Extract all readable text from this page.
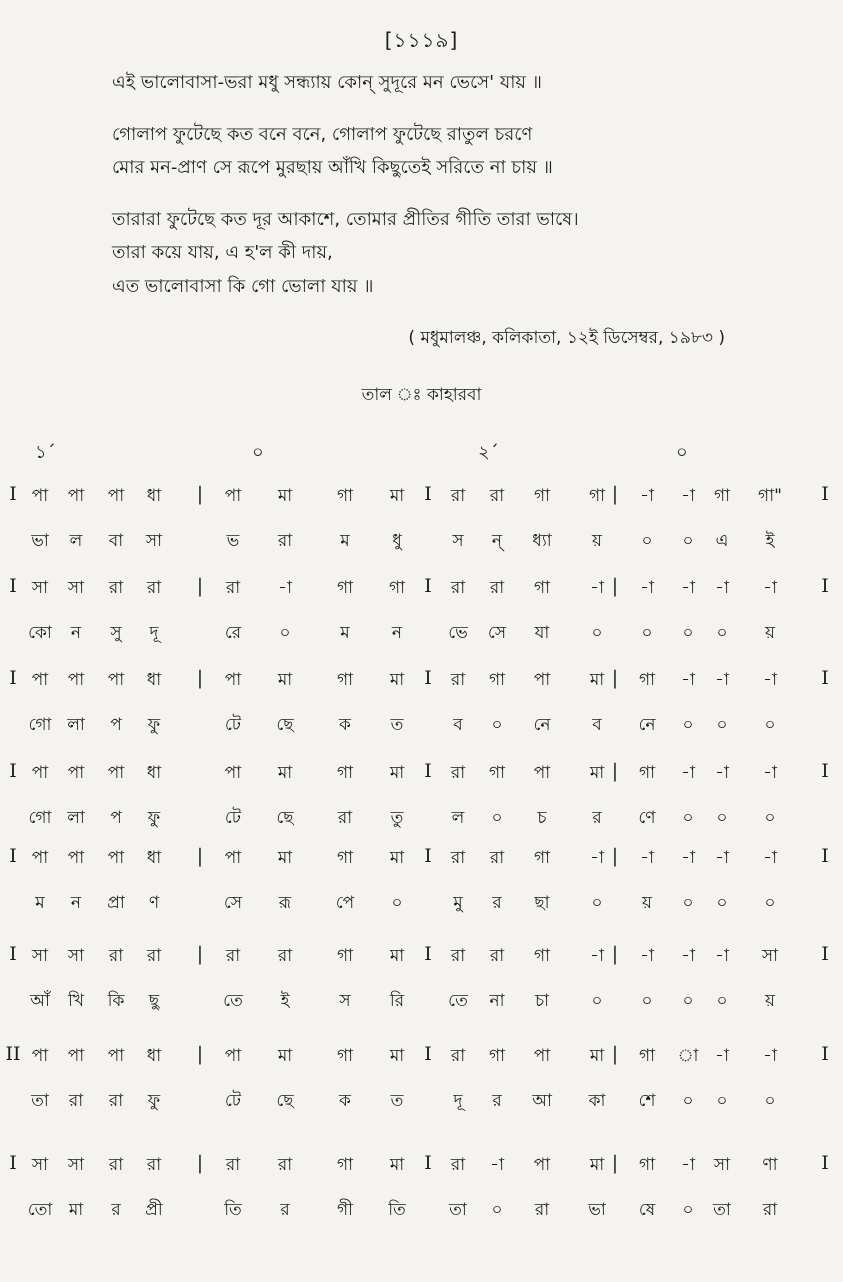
[১১১৯]
এই ভালোবাসা-ভরা মধু সন্ধ্যায় কোন্ সুদূরে মন ভেসে' যায় ॥
গোলাপ ফুটেছে কত বনে বনে, গোলাপ ফুটেছে রাতুল চরণে
মোর মন-প্রাণ সে রূপে মুরছায় আঁখি কিছুতেই সরিতে না চায় ॥
তারারা ফুটেছে কত দূর আকাশে, তোমার প্রীতির গীতি তারা ভাষে।
তারা কয়ে যায়, এ হ'ল কী দায়,
এত ভালোবাসা কি গো ভোলা যায় ॥
( মধুমালঞ্চ, কলিকাতা, ১২ই ডিসেম্বর, ১৯৮৩ )
তাল ঃ কাহারবা
১´	০	২´	০
I পা পা পা ধা | পা মা	গা মা I রা রা গা গা | -া -া গা গা" I
ভা ল বা সা	ভ রা	ম	ধু	স ন্ ধ্যা য় ০ ০ এ ই
I সা সা রা রা | রা -া	গা গা I রা রা গা -া | -া -া -া -া I
কো ন সু দূ	রে ০	ম ন	ভে সে যা ০ ০ ০ ০ য়
I পা পা পা ধা | পা মা	গা মা I রা গা পা মা | গা -া -া -া I
গো লা প ফু	টে ছে	ক ত	ব ০ নে ব নে ০ ০ ০
I পা পা পা ধা	পা মা	গা মা I রা গা পা মা | গা -া -া -া I
গো লা প ফু	টে ছে	রা তু	ল ০ চ	র ণে ০ ০ ০
I পা পা পা ধা | পা মা	গা মা I রা রা গা -া | -া -া -া -া I
ম ন প্রা ণ	সে রূ	পে ০	মু র ছা ০ য় ০ ০ ০
I সা সা রা রা | রা রা	গা মা I রা রা গা -া | -া -া -া সা I
আঁ খি কি ছু	তে ই	স রি	তে না চা ০ ০ ০ ০ য়
II পা পা পা ধা | পা মা	গা মা I রা গা পা মা | গা া -া -া I
তা রা রা ফু	টে ছে	ক ত	দূ র আ কা শে ০ ০ ০
I সা সা রা রা | রা রা	গা মা I রা -া পা মা | গা -া সা ণা I
তো মা র প্রী	তি র	গী তি	তা ০ রা ভা ষে ০ তা রা
